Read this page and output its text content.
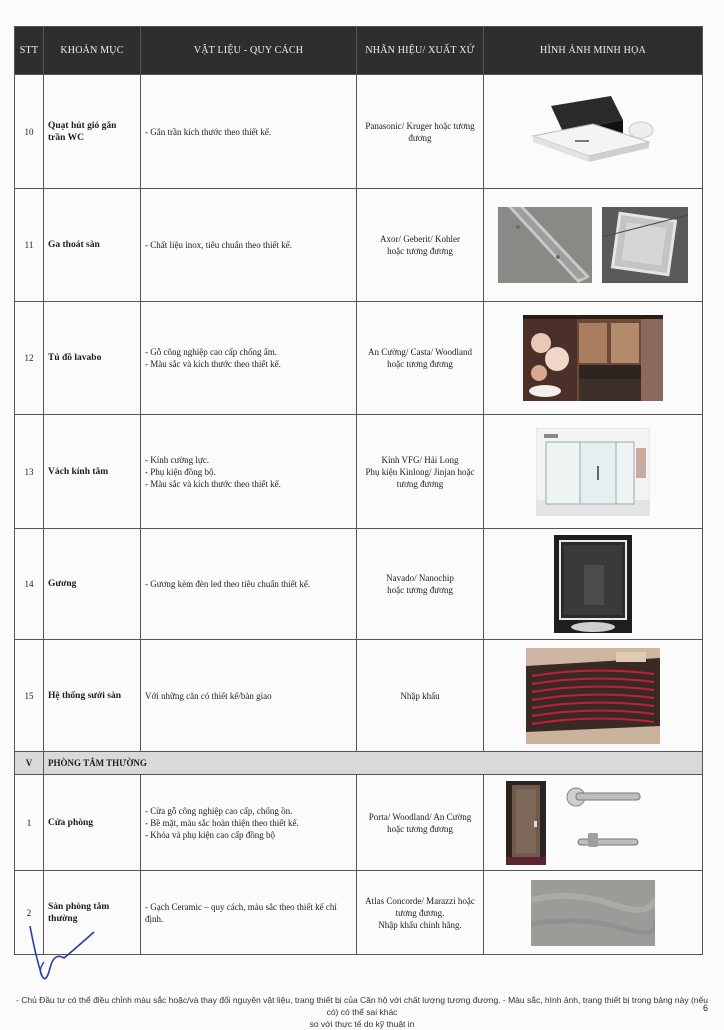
STT	KHOẢN MỤC	VẬT LIỆU - QUY CÁCH	NHÃN HIỆU/ XUẤT XỨ	HÌNH ẢNH MINH HỌA
10	Quạt hút gió gắn trần WC	- Gắn trần kích thước theo thiết kế.	Panasonic/ Kruger hoặc tương
đương

11	Ga thoát sàn	- Chất liệu inox, tiêu chuẩn theo thiết kế.	Axor/ Geberit/ Kohler
hoặc tương đương

12	Tủ đồ lavabo	- Gỗ công nghiệp cao cấp chống ẩm.
- Màu sắc và kích thước theo thiết kế.	An Cường/ Casta/ Woodland
hoặc tương đương

13	Vách kính tắm	- Kính cường lực.
- Phụ kiện đồng bộ.
- Màu sắc và kích thước theo thiết kế.	Kính VFG/ Hải Long
Phụ kiện Kinlong/ Jinjan hoặc
tương đương

14	Gương	- Gương kèm đèn led theo tiêu chuẩn thiết kế.	Navado/ Nanochip
hoặc tương đương

15	Hệ thống sưởi sàn	Với những căn có thiết kế/bàn giao	Nhập khẩu

V	PHÒNG TẮM THƯỜNG			
1	Cửa phòng	- Cửa gỗ công nghiệp cao cấp, chống ồn.
- Bề mặt, màu sắc hoàn thiện theo thiết kế.
- Khóa và phụ kiện cao cấp đồng bộ	Porta/ Woodland/ An Cường
hoặc tương đương

2	Sàn phòng tắm thường	- Gạch Ceramic – quy cách, màu sắc theo thiết kế chỉ định.	Atlas Concorde/ Marazzi hoặc
tương đương.
Nhập khẩu chính hãng.

- Chủ Đầu tư có thể điều chỉnh màu sắc hoặc/và thay đổi nguyên vật liệu, trang thiết bị của Căn hộ với chất lượng tương đương. - Màu sắc, hình ảnh, trang thiết bị trong bảng này (nếu có) có thể sai khác
so với thực tế do kỹ thuật in
6
